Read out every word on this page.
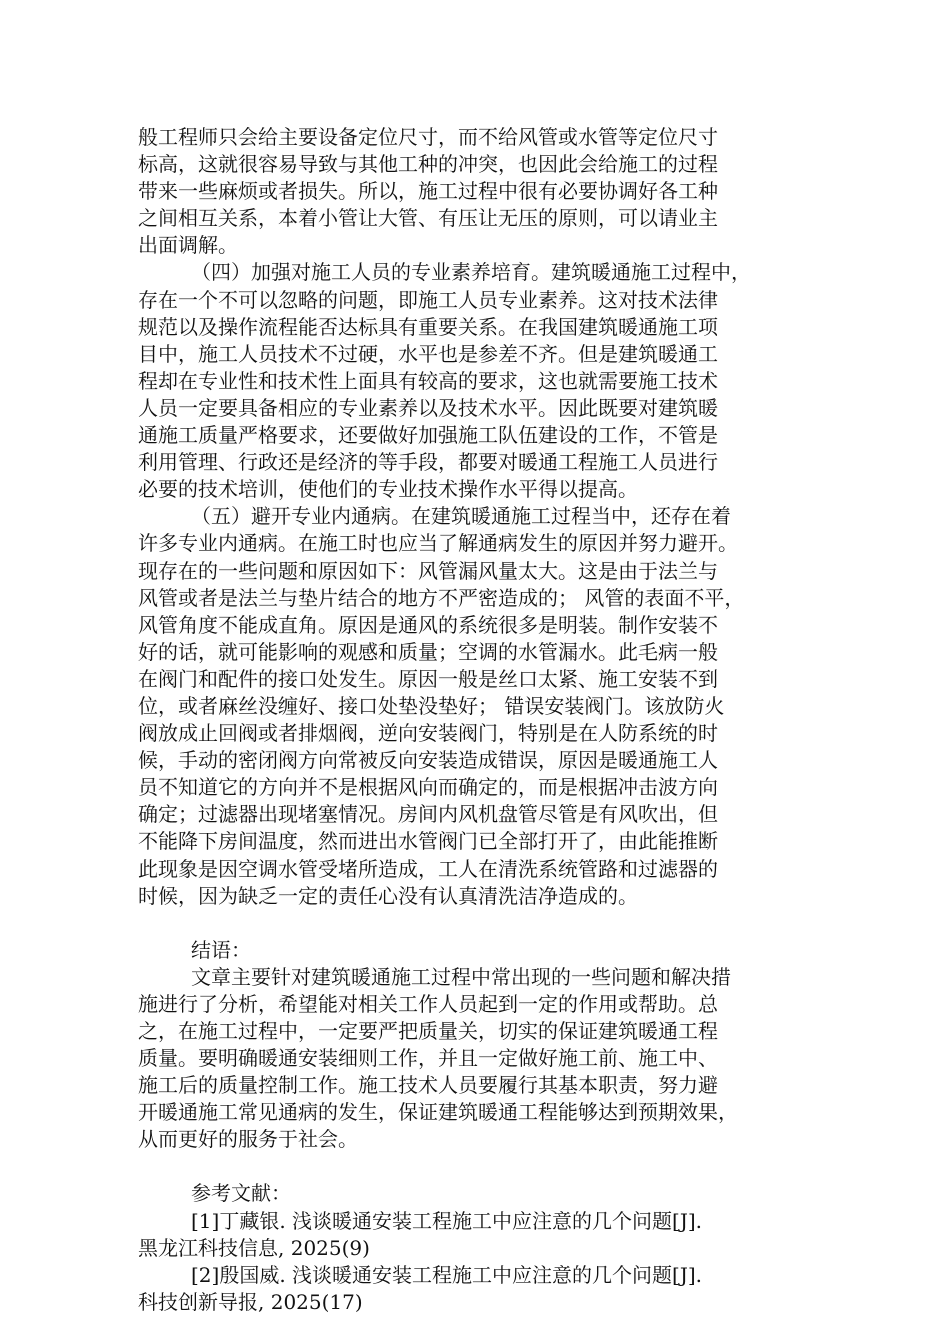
般工程师只会给主要设备定位尺寸，而不给风管或水管等定位尺寸
标高，这就很容易导致与其他工种的冲突，也因此会给施工的过程
带来一些麻烦或者损失。所以，施工过程中很有必要协调好各工种
之间相互关系，本着小管让大管、有压让无压的原则，可以请业主
出面调解。
（四）加强对施工人员的专业素养培育。建筑暖通施工过程中，
存在一个不可以忽略的问题，即施工人员专业素养。这对技术法律
规范以及操作流程能否达标具有重要关系。在我国建筑暖通施工项
目中，施工人员技术不过硬，水平也是参差不齐。但是建筑暖通工
程却在专业性和技术性上面具有较高的要求，这也就需要施工技术
人员一定要具备相应的专业素养以及技术水平。因此既要对建筑暖
通施工质量严格要求，还要做好加强施工队伍建设的工作，不管是
利用管理、行政还是经济的等手段，都要对暖通工程施工人员进行
必要的技术培训，使他们的专业技术操作水平得以提高。
（五）避开专业内通病。在建筑暖通施工过程当中，还存在着
许多专业内通病。在施工时也应当了解通病发生的原因并努力避开。
现存在的一些问题和原因如下：风管漏风量太大。这是由于法兰与
风管或者是法兰与垫片结合的地方不严密造成的； 风管的表面不平，
风管角度不能成直角。原因是通风的系统很多是明装。制作安装不
好的话，就可能影响的观感和质量；空调的水管漏水。此毛病一般
在阀门和配件的接口处发生。原因一般是丝口太紧、施工安装不到
位，或者麻丝没缠好、接口处垫没垫好； 错误安装阀门。该放防火
阀放成止回阀或者排烟阀，逆向安装阀门，特别是在人防系统的时
候，手动的密闭阀方向常被反向安装造成错误，原因是暖通施工人
员不知道它的方向并不是根据风向而确定的，而是根据冲击波方向
确定；过滤器出现堵塞情况。房间内风机盘管尽管是有风吹出，但
不能降下房间温度，然而进出水管阀门已全部打开了，由此能推断
此现象是因空调水管受堵所造成，工人在清洗系统管路和过滤器的
时候，因为缺乏一定的责任心没有认真清洗洁净造成的。
结语：
文章主要针对建筑暖通施工过程中常出现的一些问题和解决措
施进行了分析，希望能对相关工作人员起到一定的作用或帮助。总
之，在施工过程中，一定要严把质量关，切实的保证建筑暖通工程
质量。要明确暖通安装细则工作，并且一定做好施工前、施工中、
施工后的质量控制工作。施工技术人员要履行其基本职责，努力避
开暖通施工常见通病的发生，保证建筑暖通工程能够达到预期效果，
从而更好的服务于社会。
参考文献：
[1]丁藏银. 浅谈暖通安装工程施工中应注意的几个问题[J].
黑龙江科技信息, 2025(9)
[2]殷国威. 浅谈暖通安装工程施工中应注意的几个问题[J].
科技创新导报, 2025(17)
